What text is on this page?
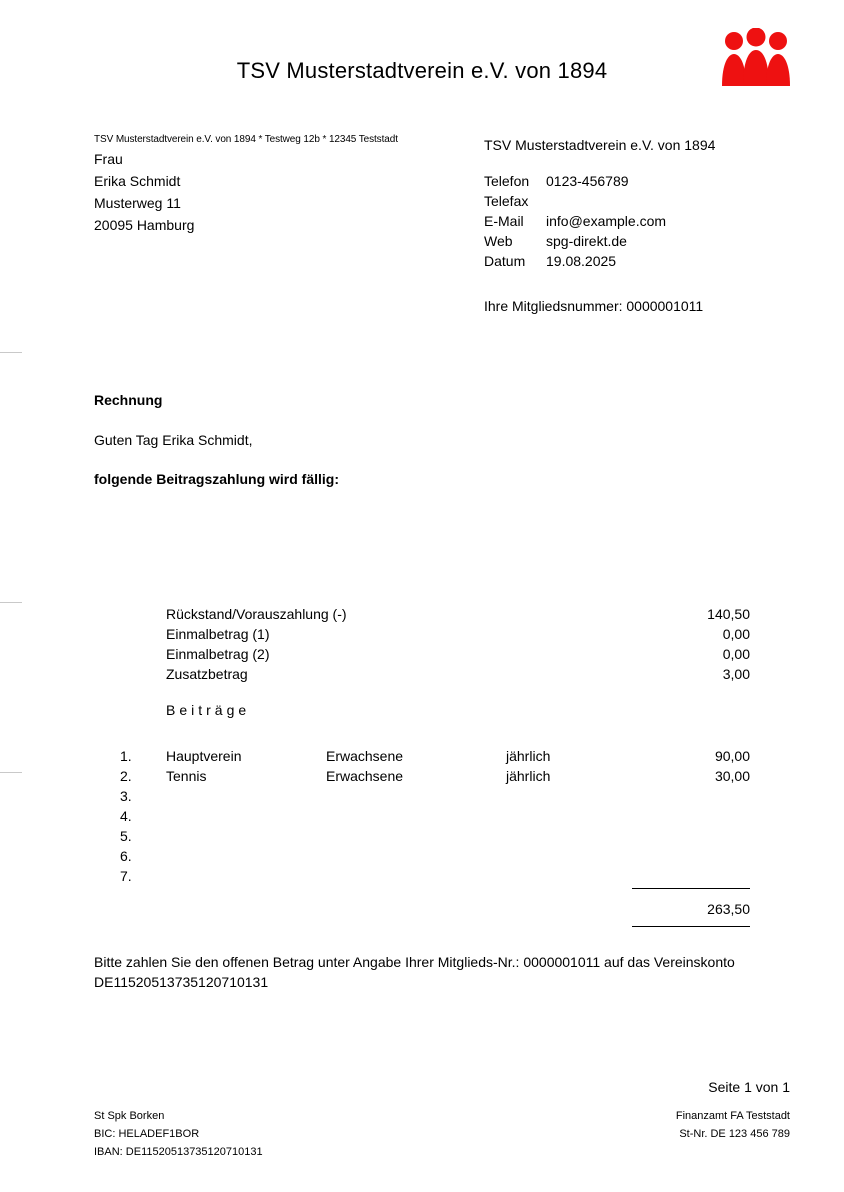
TSV Musterstadtverein e.V. von 1894
TSV Musterstadtverein e.V. von 1894 * Testweg 12b * 12345 Teststadt
Frau
Erika Schmidt
Musterweg 11
20095 Hamburg
TSV Musterstadtverein e.V. von 1894
Telefon	0123-456789
Telefax
E-Mail	info@example.com
Web	spg-direkt.de
Datum	19.08.2025
Ihre Mitgliedsnummer: 0000001011
Rechnung
Guten Tag Erika Schmidt,
folgende Beitragszahlung wird fällig:
Rückstand/Vorauszahlung (-)	140,50
Einmalbetrag (1)	0,00
Einmalbetrag (2)	0,00
Zusatzbetrag	3,00
Beiträge
1.	Hauptverein	Erwachsene	jährlich	90,00
2.	Tennis	Erwachsene	jährlich	30,00
3.
4.
5.
6.
7.
263,50
Bitte zahlen Sie den offenen Betrag unter Angabe Ihrer Mitglieds-Nr.: 0000001011 auf das Vereinskonto DE11520513735120710131
Seite 1 von 1
St Spk Borken
BIC: HELADEF1BOR
IBAN: DE11520513735120710131
Finanzamt FA Teststadt
St-Nr. DE 123 456 789
